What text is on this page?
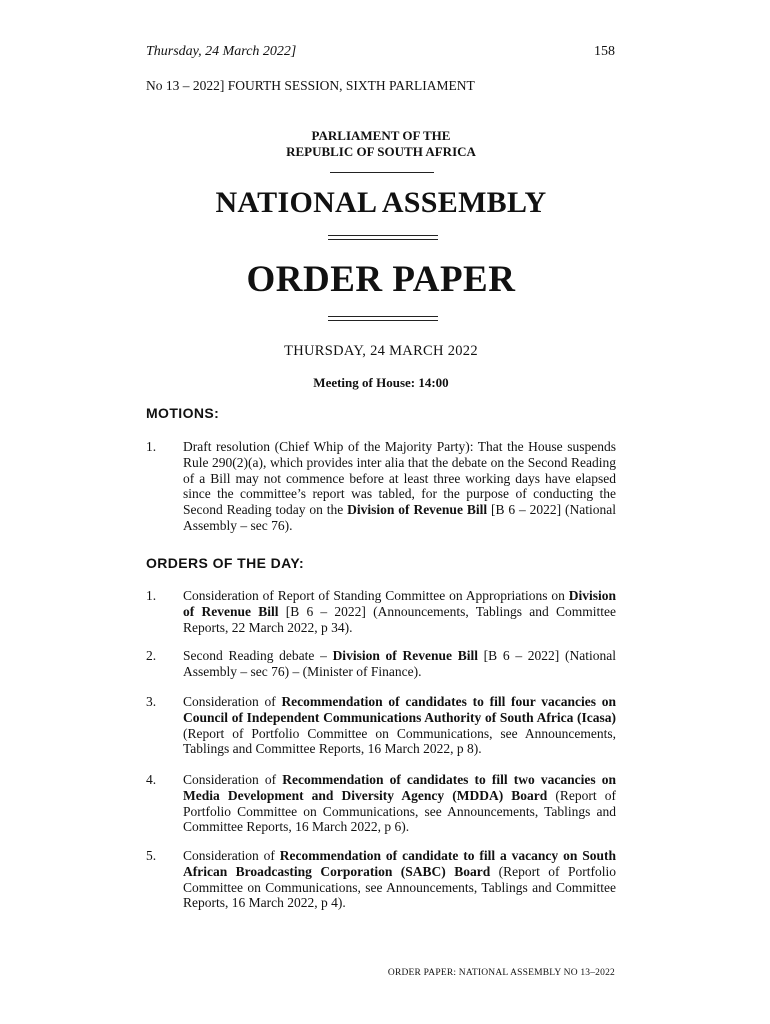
Thursday, 24 March 2022]	158
No 13 – 2022] FOURTH SESSION, SIXTH PARLIAMENT
PARLIAMENT OF THE
REPUBLIC OF SOUTH AFRICA
NATIONAL ASSEMBLY
ORDER PAPER
THURSDAY, 24 MARCH 2022
Meeting of House: 14:00
MOTIONS:
1. Draft resolution (Chief Whip of the Majority Party): That the House suspends Rule 290(2)(a), which provides inter alia that the debate on the Second Reading of a Bill may not commence before at least three working days have elapsed since the committee’s report was tabled, for the purpose of conducting the Second Reading today on the Division of Revenue Bill [B 6 – 2022] (National Assembly – sec 76).
ORDERS OF THE DAY:
1. Consideration of Report of Standing Committee on Appropriations on Division of Revenue Bill [B 6 – 2022] (Announcements, Tablings and Committee Reports, 22 March 2022, p 34).
2. Second Reading debate – Division of Revenue Bill [B 6 – 2022] (National Assembly – sec 76) – (Minister of Finance).
3. Consideration of Recommendation of candidates to fill four vacancies on Council of Independent Communications Authority of South Africa (Icasa) (Report of Portfolio Committee on Communications, see Announcements, Tablings and Committee Reports, 16 March 2022, p 8).
4. Consideration of Recommendation of candidates to fill two vacancies on Media Development and Diversity Agency (MDDA) Board (Report of Portfolio Committee on Communications, see Announcements, Tablings and Committee Reports, 16 March 2022, p 6).
5. Consideration of Recommendation of candidate to fill a vacancy on South African Broadcasting Corporation (SABC) Board (Report of Portfolio Committee on Communications, see Announcements, Tablings and Committee Reports, 16 March 2022, p 4).
ORDER PAPER: NATIONAL ASSEMBLY NO 13–2022
